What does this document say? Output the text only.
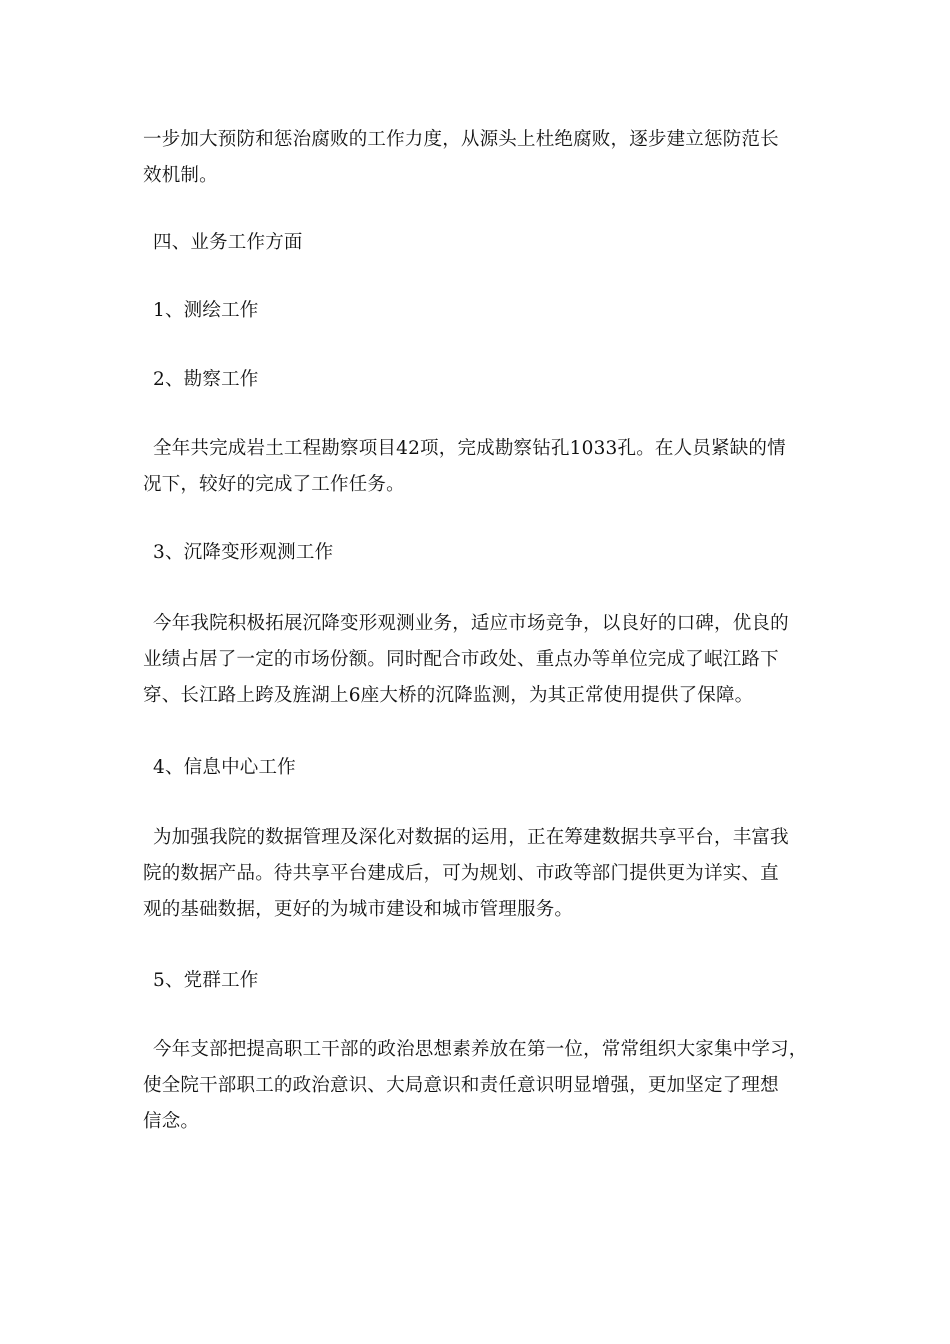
一步加大预防和惩治腐败的工作力度，从源头上杜绝腐败，逐步建立惩防范长
效机制。
四、业务工作方面
1、测绘工作
2、勘察工作
全年共完成岩土工程勘察项目42项，完成勘察钻孔1033孔。在人员紧缺的情
况下，较好的完成了工作任务。
3、沉降变形观测工作
今年我院积极拓展沉降变形观测业务，适应市场竞争，以良好的口碑，优良的
业绩占居了一定的市场份额。同时配合市政处、重点办等单位完成了岷江路下
穿、长江路上跨及旌湖上6座大桥的沉降监测，为其正常使用提供了保障。
4、信息中心工作
为加强我院的数据管理及深化对数据的运用，正在筹建数据共享平台，丰富我
院的数据产品。待共享平台建成后，可为规划、市政等部门提供更为详实、直
观的基础数据，更好的为城市建设和城市管理服务。
5、党群工作
今年支部把提高职工干部的政治思想素养放在第一位，常常组织大家集中学习，
使全院干部职工的政治意识、大局意识和责任意识明显增强，更加坚定了理想
信念。
